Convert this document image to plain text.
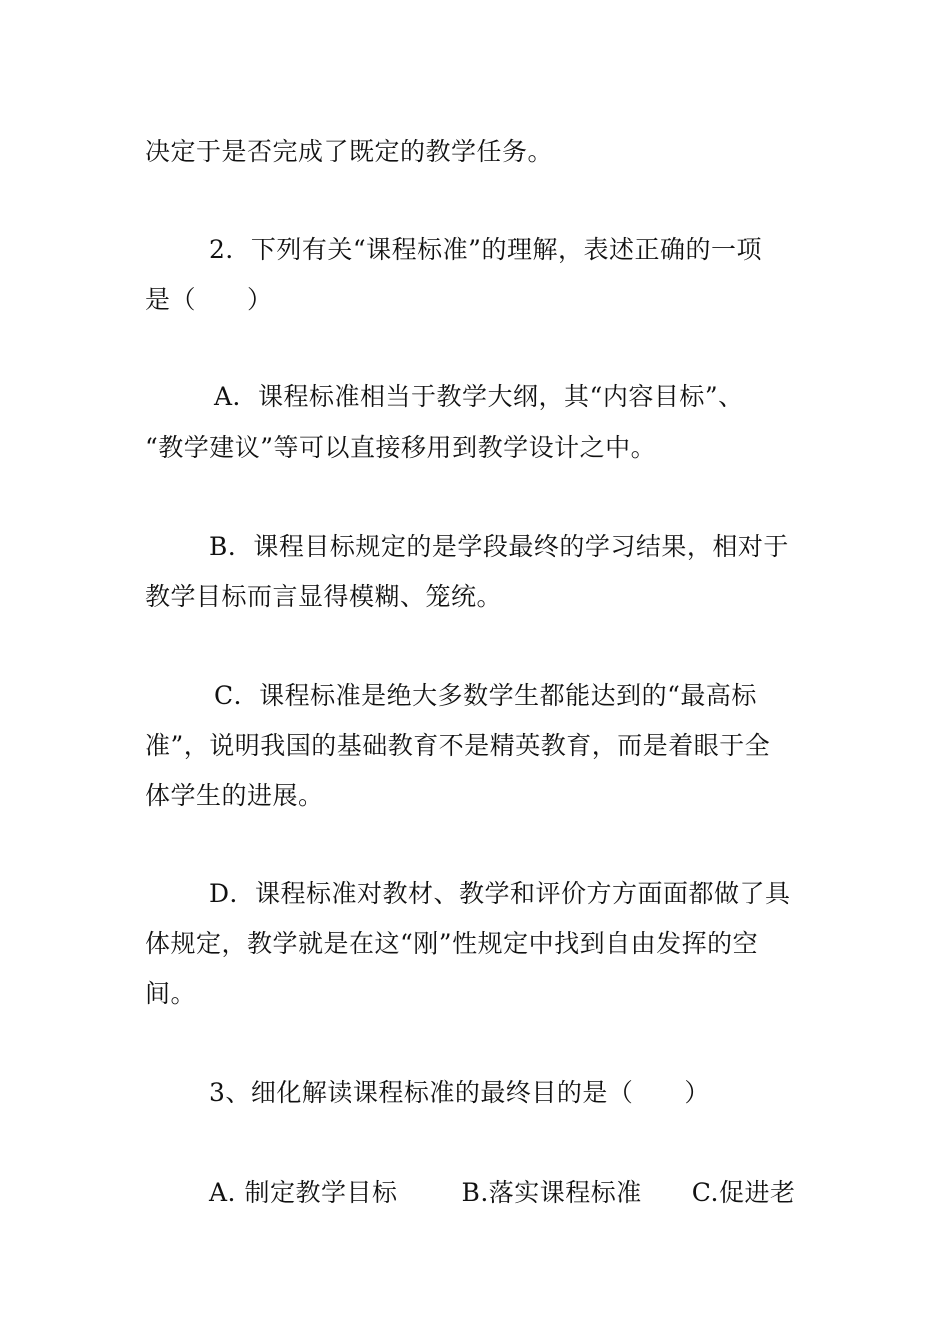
决定于是否完成了既定的教学任务。
2．下列有关“课程标准”的理解，表述正确的一项
是（　　）
A．课程标准相当于教学大纲，其“内容目标”、
“教学建议”等可以直接移用到教学设计之中。
B．课程目标规定的是学段最终的学习结果，相对于
教学目标而言显得模糊、笼统。
C．课程标准是绝大多数学生都能达到的“最高标
准”，说明我国的基础教育不是精英教育，而是着眼于全
体学生的进展。
D．课程标准对教材、教学和评价方方面面都做了具
体规定，教学就是在这“刚”性规定中找到自由发挥的空
间。
3、细化解读课程标准的最终目的是（　　）
A. 制定教学目标	B.落实课程标准 C.促进老
